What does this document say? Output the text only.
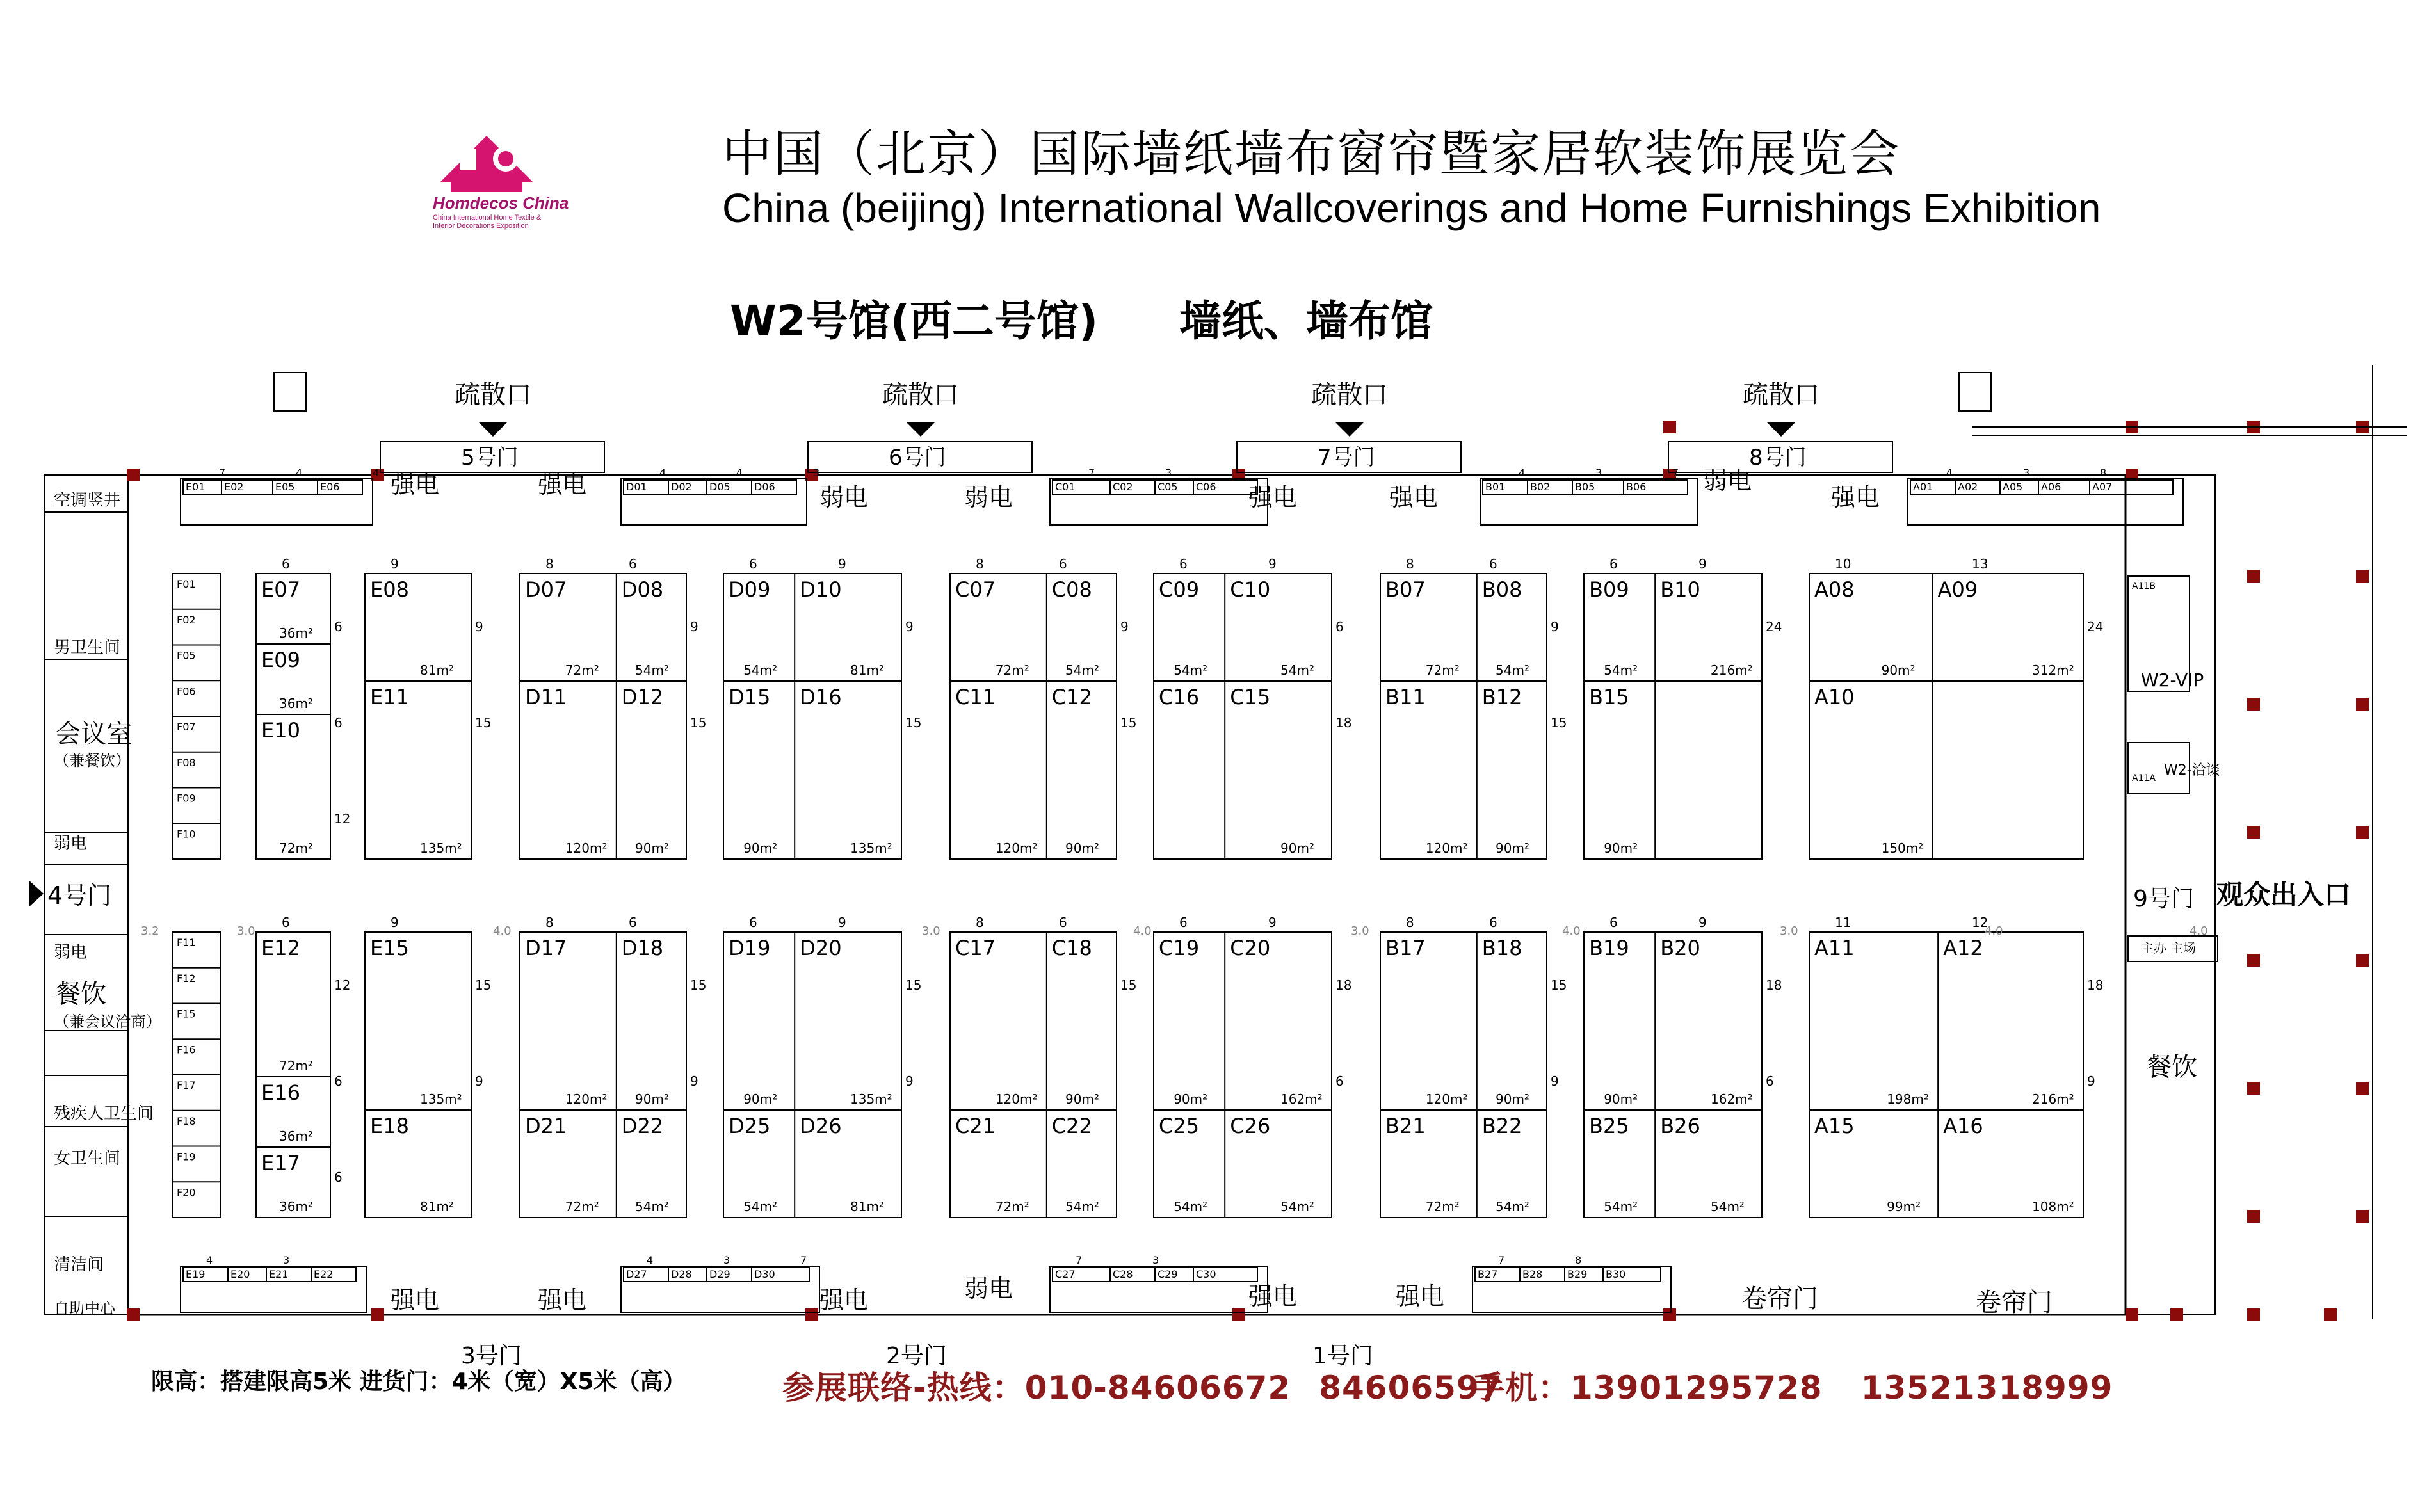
中国（北京）国际墙纸墙布窗帘暨家居软装饰展览会
China (beijing) International Wallcoverings and Home Furnishings Exhibition
W2号馆(西二号馆) 墙纸、墙布馆
疏散口
5号门
疏散口
6号门
疏散口
7号门
疏散口
8号门
强电	强电	弱电	弱电	强电	强电
弱电
强电
强电	强电	强电	弱电	强电	强电
E01 E02	E05 E06
7	4	4
D01 D02 D05 D06
4	4	3
C01	C02 C05 C06
7	3
B01 B02 B05	B06
4	3	7
A01 A02 A05 A06	A07
4	3	8
E19 E20 E21 E22
4	3
D27 D28 D29 D30
4	3	7
C27	C28 C29 C30
7	3
B27 B28 B29 B30
7	8
卷帘门	卷帘门
3号门	2号门	1号门
4号门	9号门 观众出入口
空调竖井
男卫生间
会议室
（兼餐饮）
弱电
弱电
餐饮
（兼会议洽商）
残疾人卫生间
女卫生间
清洁间
自助中心
W2-VIP
W2-洽谈
主办 主场
餐饮
A11B
A11A
F01
F02
F05
F06
F07
F08
F09
F10
F11
F12
F15
F16
F17
F18
F19
F20
E07
36m²
E09
36m²
E10
72m²
6
6
6
12
E08
81m²
E11
135m²
9
9
15
D07
72m²
D08
54m²
D11
120m²
D12
90m²
8	6
9
15
D09
54m²
D10
81m²
D15
90m²
D16
135m²
6	9
9
15
C07
72m²
C08
54m²
C11
120m²
C12
90m²
8	6
9
15
C09
54m²
C10
54m²
C16 C15
90m²
6	9
6
18
B07
72m²
B08
54m²
B11
120m²
B12
90m²
8	6
9
15
B09
54m²
B10
216m²
B15
90m²
6	9
24
A08
90m²
A09
312m²
A10
150m²
10	13
24
E12
72m²
E16
36m²
E17
36m²
6
12
6
6
E15
135m²
E18
81m²
9
15
9
D17
120m²
D18
90m²
D21
72m²
D22
54m²
8	6
15
9
D19
90m²
D20
135m²
D25
54m²
D26
81m²
6	9
15
9
C17
120m²
C18
90m²
C21
72m²
C22
54m²
8	6
15
C19
90m²
C20
162m²
C25
54m²
C26
54m²
6	9
18
6
B17
120m²
B18
90m²
B21
72m²
B22
54m²
8	6
15
9
B19
90m²
B20
162m²
B25
54m²
B26
54m²
6	9
18
6
A11
198m²
A12
216m²
A15
99m²
A16
108m²
11	12
18
9
3.0	4.0	3.0	4.0	3.0	4.0	3.0	4.0	4.0
3.2
Homdecos China
China International Home Textile & Interior Decorations Exposition
限高：搭建限高5米 进货门：4米（宽）X5米（高）	参展联络-热线：010-84606672 84606597
手机：13901295728 13521318999
